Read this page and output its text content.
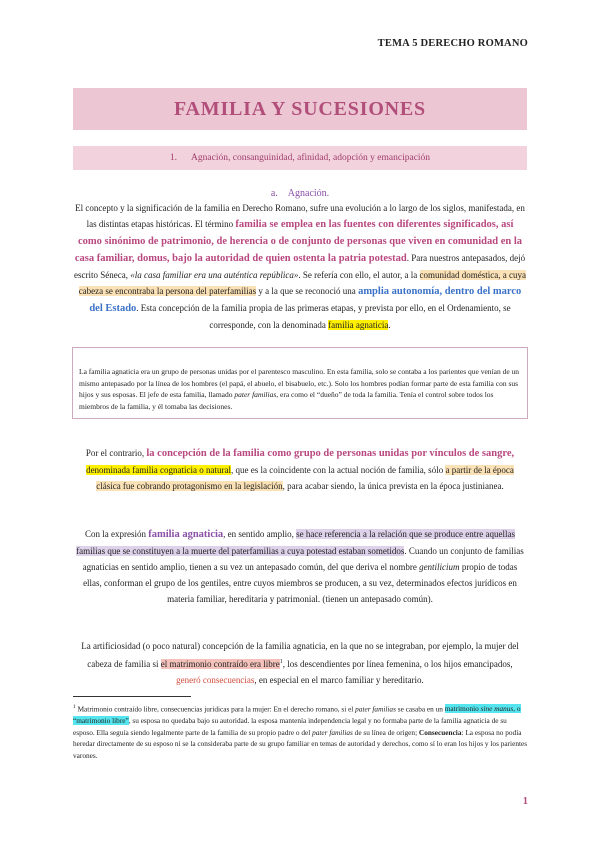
TEMA 5 DERECHO ROMANO
FAMILIA Y SUCESIONES
1. Agnación, consanguinidad, afinidad, adopción y emancipación
a. Agnación.
El concepto y la significación de la familia en Derecho Romano, sufre una evolución a lo largo de los siglos, manifestada, en las distintas etapas históricas. El término familia se emplea en las fuentes con diferentes significados, así como sinónimo de patrimonio, de herencia o de conjunto de personas que viven en comunidad en la casa familiar, domus, bajo la autoridad de quien ostenta la patria potestad. Para nuestros antepasados, dejó escrito Séneca, «la casa familiar era una auténtica república». Se refería con ello, el autor, a la comunidad doméstica, a cuya cabeza se encontraba la persona del paterfamilias y a la que se reconoció una amplia autonomía, dentro del marco del Estado. Esta concepción de la familia propia de las primeras etapas, y prevista por ello, en el Ordenamiento, se corresponde, con la denominada familia agnaticia.
La familia agnaticia era un grupo de personas unidas por el parentesco masculino. En esta familia, solo se contaba a los parientes que venían de un mismo antepasado por la línea de los hombres (el papá, el abuelo, el bisabuelo, etc.). Solo los hombres podían formar parte de esta familia con sus hijos y sus esposas. El jefe de esta familia, llamado pater familias, era como el “dueño” de toda la familia. Tenía el control sobre todos los miembros de la familia, y él tomaba las decisiones.
Por el contrario, la concepción de la familia como grupo de personas unidas por vínculos de sangre, denominada familia cognaticia o natural, que es la coincidente con la actual noción de familia, sólo a partir de la época clásica fue cobrando protagonismo en la legislación, para acabar siendo, la única prevista en la época justinianea.
Con la expresión familia agnaticia, en sentido amplio, se hace referencia a la relación que se produce entre aquellas familias que se constituyen a la muerte del paterfamilias a cuya potestad estaban sometidos. Cuando un conjunto de familias agnaticias en sentido amplio, tienen a su vez un antepasado común, del que deriva el nombre gentilicium propio de todas ellas, conforman el grupo de los gentiles, entre cuyos miembros se producen, a su vez, determinados efectos jurídicos en materia familiar, hereditaria y patrimonial. (tienen un antepasado común).
La artificiosidad (o poco natural) concepción de la familia agnaticia, en la que no se integraban, por ejemplo, la mujer del cabeza de familia si el matrimonio contraído era libre$^1$, los descendientes por línea femenina, o los hijos emancipados, generó consecuencias, en especial en el marco familiar y hereditario.
$^1$ Matrimonio contraído libre, consecuencias jurídicas para la mujer: En el derecho romano, si el pater familias se casaba en un matrimonio sine manus, o “matrimonio libre”, su esposa no quedaba bajo su autoridad. la esposa mantenía independencia legal y no formaba parte de la familia agnaticia de su esposo. Ella seguía siendo legalmente parte de la familia de su propio padre o del pater familias de su línea de origen; Consecuencia: La esposa no podía heredar directamente de su esposo ni se la consideraba parte de su grupo familiar en temas de autoridad y derechos, como sí lo eran los hijos y los parientes varones.
1
